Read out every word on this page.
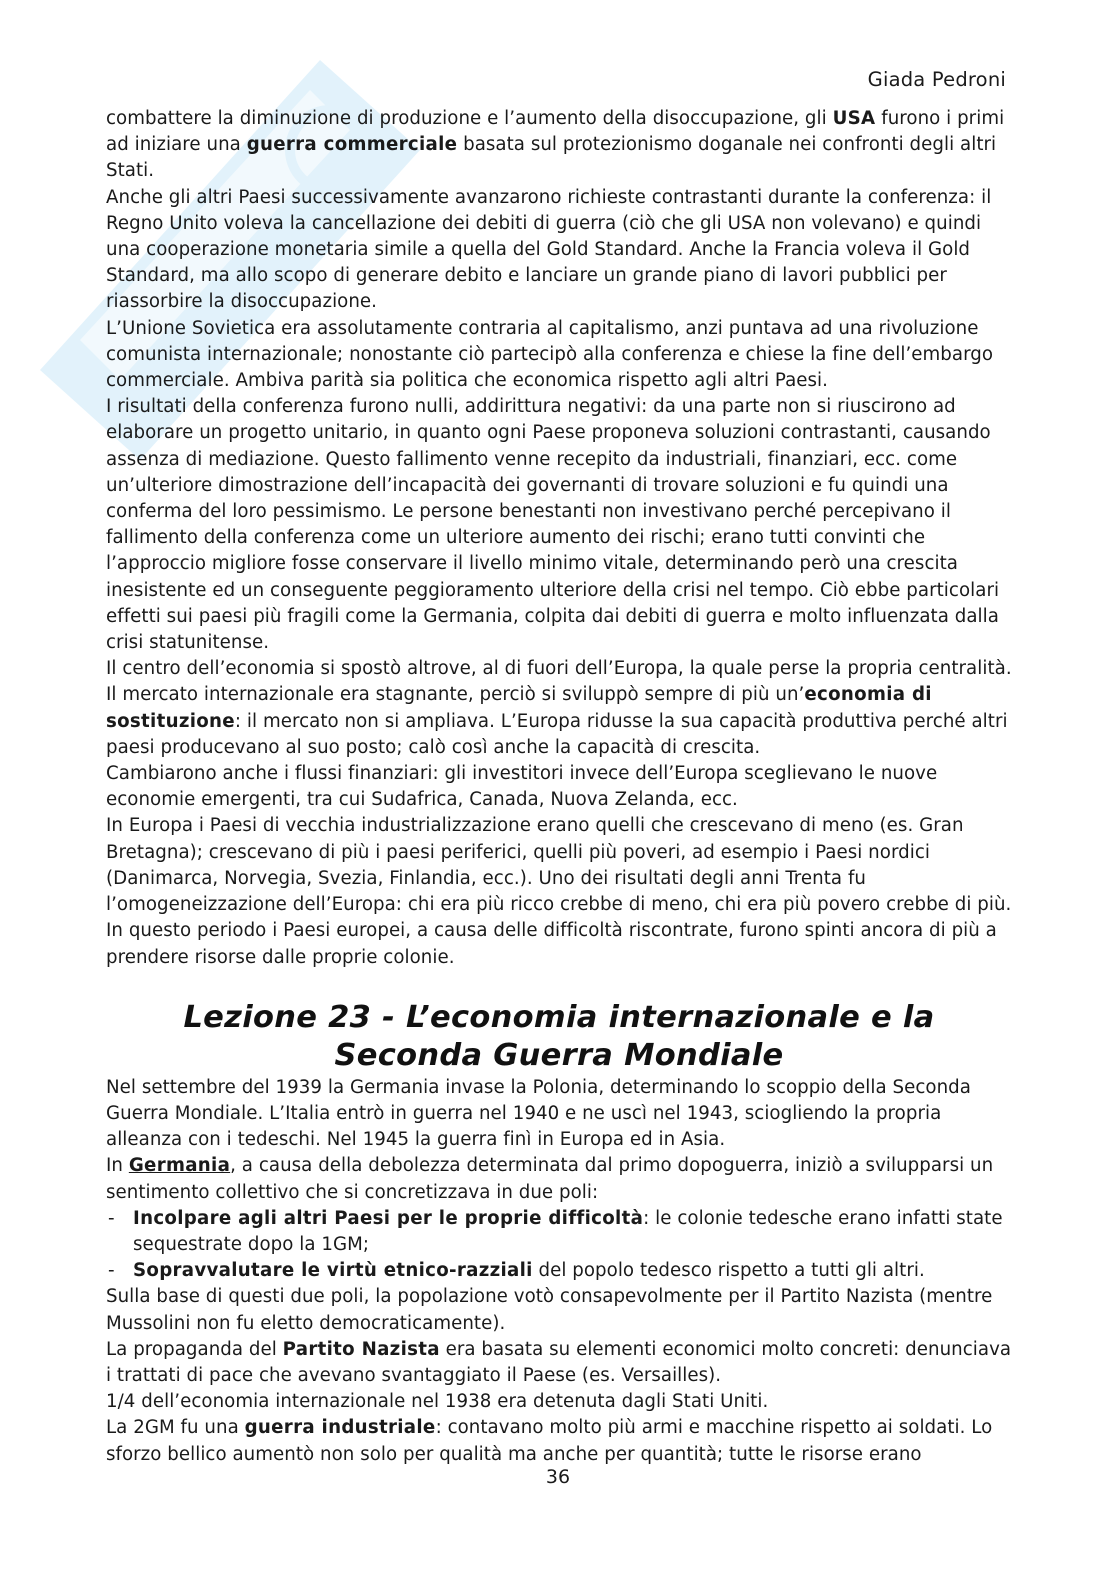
Giada Pedroni

combattere la diminuzione di produzione e l’aumento della disoccupazione, gli USA furono i primi ad iniziare una guerra commerciale basata sul protezionismo doganale nei confronti degli altri Stati.

Anche gli altri Paesi successivamente avanzarono richieste contrastanti durante la conferenza: il Regno Unito voleva la cancellazione dei debiti di guerra (ciò che gli USA non volevano) e quindi una cooperazione monetaria simile a quella del Gold Standard. Anche la Francia voleva il Gold Standard, ma allo scopo di generare debito e lanciare un grande piano di lavori pubblici per riassorbire la disoccupazione.

L’Unione Sovietica era assolutamente contraria al capitalismo, anzi puntava ad una rivoluzione comunista internazionale; nonostante ciò partecipò alla conferenza e chiese la fine dell’embargo commerciale. Ambiva parità sia politica che economica rispetto agli altri Paesi.

I risultati della conferenza furono nulli, addirittura negativi: da una parte non si riuscirono ad elaborare un progetto unitario, in quanto ogni Paese proponeva soluzioni contrastanti, causando assenza di mediazione. Questo fallimento venne recepito da industriali, finanziari, ecc. come un’ulteriore dimostrazione dell’incapacità dei governanti di trovare soluzioni e fu quindi una conferma del loro pessimismo. Le persone benestanti non investivano perché percepivano il fallimento della conferenza come un ulteriore aumento dei rischi; erano tutti convinti che l’approccio migliore fosse conservare il livello minimo vitale, determinando però una crescita inesistente ed un conseguente peggioramento ulteriore della crisi nel tempo. Ciò ebbe particolari effetti sui paesi più fragili come la Germania, colpita dai debiti di guerra e molto influenzata dalla crisi statunitense.

Il centro dell’economia si spostò altrove, al di fuori dell’Europa, la quale perse la propria centralità.

Il mercato internazionale era stagnante, perciò si sviluppò sempre di più un’economia di sostituzione: il mercato non si ampliava. L’Europa ridusse la sua capacità produttiva perché altri paesi producevano al suo posto; calò così anche la capacità di crescita.

Cambiarono anche i flussi finanziari: gli investitori invece dell’Europa sceglievano le nuove economie emergenti, tra cui Sudafrica, Canada, Nuova Zelanda, ecc.

In Europa i Paesi di vecchia industrializzazione erano quelli che crescevano di meno (es. Gran Bretagna); crescevano di più i paesi periferici, quelli più poveri, ad esempio i Paesi nordici (Danimarca, Norvegia, Svezia, Finlandia, ecc.). Uno dei risultati degli anni Trenta fu l’omogeneizzazione dell’Europa: chi era più ricco crebbe di meno, chi era più povero crebbe di più.

In questo periodo i Paesi europei, a causa delle difficoltà riscontrate, furono spinti ancora di più a prendere risorse dalle proprie colonie.

Lezione 23 - L’economia internazionale e la Seconda Guerra Mondiale

Nel settembre del 1939 la Germania invase la Polonia, determinando lo scoppio della Seconda Guerra Mondiale. L’Italia entrò in guerra nel 1940 e ne uscì nel 1943, sciogliendo la propria alleanza con i tedeschi. Nel 1945 la guerra finì in Europa ed in Asia.

In Germania, a causa della debolezza determinata dal primo dopoguerra, iniziò a svilupparsi un sentimento collettivo che si concretizzava in due poli:

-	Incolpare agli altri Paesi per le proprie difficoltà: le colonie tedesche erano infatti state sequestrate dopo la 1GM;
-	Sopravvalutare le virtù etnico-razziali del popolo tedesco rispetto a tutti gli altri.

Sulla base di questi due poli, la popolazione votò consapevolmente per il Partito Nazista (mentre Mussolini non fu eletto democraticamente).

La propaganda del Partito Nazista era basata su elementi economici molto concreti: denunciava i trattati di pace che avevano svantaggiato il Paese (es. Versailles).

1/4 dell’economia internazionale nel 1938 era detenuta dagli Stati Uniti.

La 2GM fu una guerra industriale: contavano molto più armi e macchine rispetto ai soldati. Lo sforzo bellico aumentò non solo per qualità ma anche per quantità; tutte le risorse erano

36
